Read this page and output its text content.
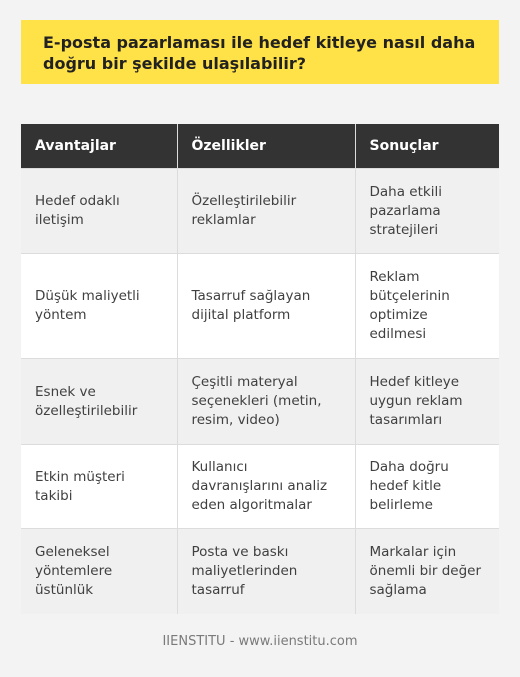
E-posta pazarlaması ile hedef kitleye nasıl daha doğru bir şekilde ulaşılabilir?
Avantajlar	Özellikler	Sonuçlar
Hedef odaklı iletişim	Özelleştirilebilir reklamlar	Daha etkili pazarlama stratejileri
Düşük maliyetli yöntem	Tasarruf sağlayan dijital platform	Reklam bütçelerinin optimize edilmesi
Esnek ve özelleştirilebilir	Çeşitli materyal seçenekleri (metin, resim, video)	Hedef kitleye uygun reklam tasarımları
Etkin müşteri takibi	Kullanıcı davranışlarını analiz eden algoritmalar	Daha doğru hedef kitle belirleme
Geleneksel yöntemlere üstünlük	Posta ve baskı maliyetlerinden tasarruf	Markalar için önemli bir değer sağlama
IIENSTITU - www.iienstitu.com
